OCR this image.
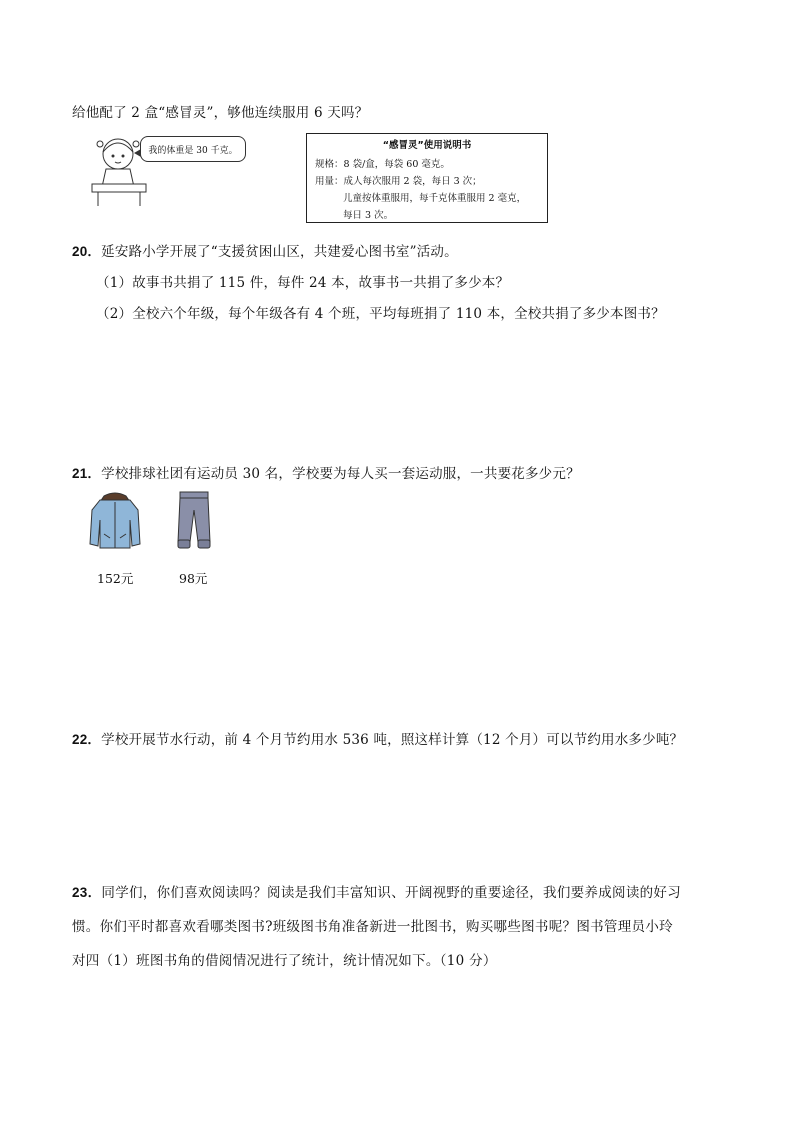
给他配了 2 盒“感冒灵”，够他连续服用 6 天吗？
我的体重是 30 千克。	“感冒灵”使用说明书
规格：8 袋/盒，每袋 60 毫克。
用量：成人每次服用 2 袋，每日 3 次；
儿童按体重服用，每千克体重服用 2 毫克，
每日 3 次。
20．延安路小学开展了“支援贫困山区，共建爱心图书室”活动。
（1）故事书共捐了 115 件，每件 24 本，故事书一共捐了多少本？
（2）全校六个年级，每个年级各有 4 个班，平均每班捐了 110 本，全校共捐了多少本图书？
21．学校排球社团有运动员 30 名，学校要为每人买一套运动服，一共要花多少元？
152元	98元
22．学校开展节水行动，前 4 个月节约用水 536 吨，照这样计算（12 个月）可以节约用水多少吨？
23．同学们，你们喜欢阅读吗？阅读是我们丰富知识、开阔视野的重要途径，我们要养成阅读的好习
惯。你们平时都喜欢看哪类图书?班级图书角准备新进一批图书，购买哪些图书呢？图书管理员小玲
对四（1）班图书角的借阅情况进行了统计，统计情况如下。（10 分）
